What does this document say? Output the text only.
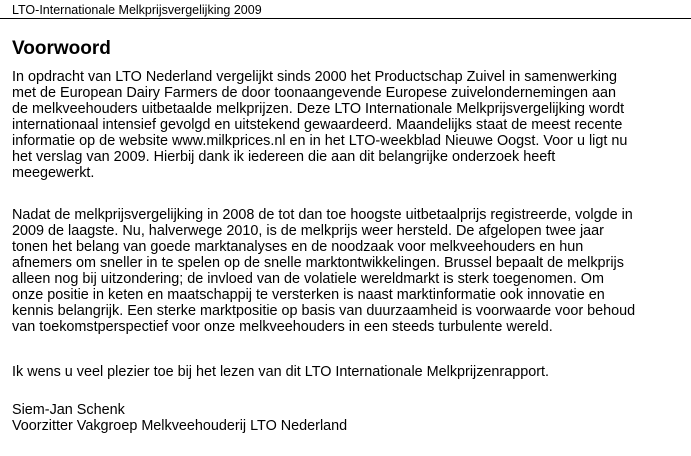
LTO-Internationale Melkprijsvergelijking 2009
Voorwoord

In opdracht van LTO Nederland vergelijkt sinds 2000 het Productschap Zuivel in samenwerking
met de European Dairy Farmers de door toonaangevende Europese zuivelondernemingen aan
de melkveehouders uitbetaalde melkprijzen. Deze LTO Internationale Melkprijsvergelijking wordt
internationaal intensief gevolgd en uitstekend gewaardeerd. Maandelijks staat de meest recente
informatie op de website www.milkprices.nl en in het LTO-weekblad Nieuwe Oogst. Voor u ligt nu
het verslag van 2009. Hierbij dank ik iedereen die aan dit belangrijke onderzoek heeft
meegewerkt.

Nadat de melkprijsvergelijking in 2008 de tot dan toe hoogste uitbetaalprijs registreerde, volgde in
2009 de laagste. Nu, halverwege 2010, is de melkprijs weer hersteld. De afgelopen twee jaar
tonen het belang van goede marktanalyses en de noodzaak voor melkveehouders en hun
afnemers om sneller in te spelen op de snelle marktontwikkelingen. Brussel bepaalt de melkprijs
alleen nog bij uitzondering; de invloed van de volatiele wereldmarkt is sterk toegenomen. Om
onze positie in keten en maatschappij te versterken is naast marktinformatie ook innovatie en
kennis belangrijk. Een sterke marktpositie op basis van duurzaamheid is voorwaarde voor behoud
van toekomstperspectief voor onze melkveehouders in een steeds turbulente wereld.

Ik wens u veel plezier toe bij het lezen van dit LTO Internationale Melkprijzenrapport.

Siem-Jan Schenk
Voorzitter Vakgroep Melkveehouderij LTO Nederland
